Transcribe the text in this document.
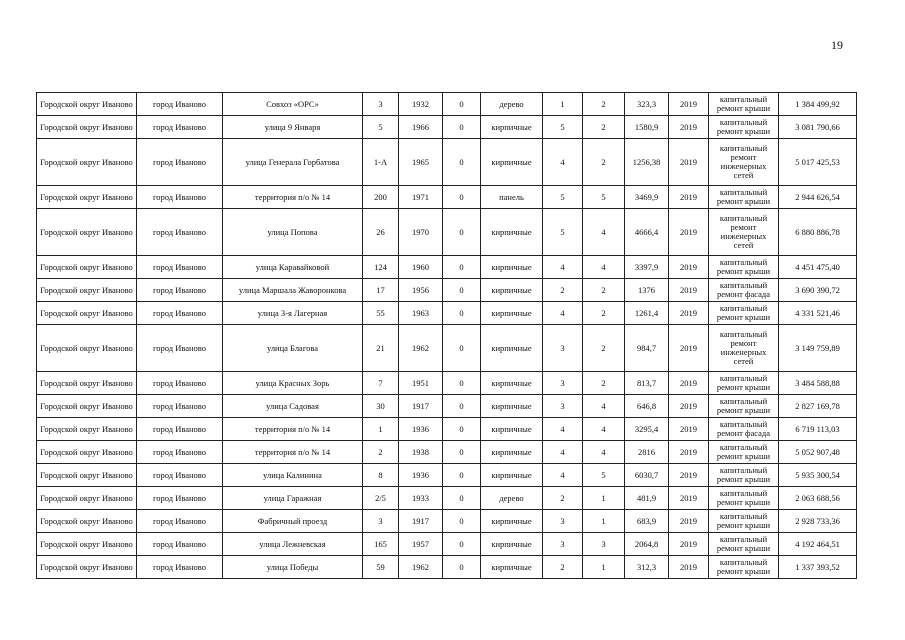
19
Городской округ Иваново	город Иваново	Совхоз «ОРС»	3	1932	0	дерево	1	2	323,3	2019	капитальный ремонт крыши	1 384 499,92
Городской округ Иваново	город Иваново	улица 9 Января	5	1966	0	кирпичные	5	2	1580,9	2019	капитальный ремонт крыши	3 081 790,66
Городской округ Иваново	город Иваново	улица Генерала Горбатова	1-А	1965	0	кирпичные	4	2	1256,38	2019	капитальный ремонт инженерных сетей	5 017 425,53
Городской округ Иваново	город Иваново	территория п/о № 14	200	1971	0	панель	5	5	3469,9	2019	капитальный ремонт крыши	2 944 626,54
Городской округ Иваново	город Иваново	улица Попова	26	1970	0	кирпичные	5	4	4666,4	2019	капитальный ремонт инженерных сетей	6 880 886,78
Городской округ Иваново	город Иваново	улица Каравайковой	124	1960	0	кирпичные	4	4	3397,9	2019	капитальный ремонт крыши	4 451 475,40
Городской округ Иваново	город Иваново	улица Маршала Жаворонкова	17	1956	0	кирпичные	2	2	1376	2019	капитальный ремонт фасада	3 690 390,72
Городской округ Иваново	город Иваново	улица 3-я Лагерная	55	1963	0	кирпичные	4	2	1261,4	2019	капитальный ремонт крыши	4 331 521,46
Городской округ Иваново	город Иваново	улица Благова	21	1962	0	кирпичные	3	2	984,7	2019	капитальный ремонт инженерных сетей	3 149 759,89
Городской округ Иваново	город Иваново	улица Красных Зорь	7	1951	0	кирпичные	3	2	813,7	2019	капитальный ремонт крыши	3 484 588,88
Городской округ Иваново	город Иваново	улица Садовая	30	1917	0	кирпичные	3	4	646,8	2019	капитальный ремонт крыши	2 827 169,78
Городской округ Иваново	город Иваново	территория п/о № 14	1	1936	0	кирпичные	4	4	3295,4	2019	капитальный ремонт фасада	6 719 113,03
Городской округ Иваново	город Иваново	территория п/о № 14	2	1938	0	кирпичные	4	4	2816	2019	капитальный ремонт крыши	5 052 907,48
Городской округ Иваново	город Иваново	улица Калинина	8	1936	0	кирпичные	4	5	6030,7	2019	капитальный ремонт крыши	5 935 300,54
Городской округ Иваново	город Иваново	улица Гаражная	2/5	1933	0	дерево	2	1	481,9	2019	капитальный ремонт крыши	2 063 688,56
Городской округ Иваново	город Иваново	Фабричный проезд	3	1917	0	кирпичные	3	1	683,9	2019	капитальный ремонт крыши	2 928 733,36
Городской округ Иваново	город Иваново	улица Лежневская	165	1957	0	кирпичные	3	3	2064,8	2019	капитальный ремонт крыши	4 192 464,51
Городской округ Иваново	город Иваново	улица Победы	59	1962	0	кирпичные	2	1	312,3	2019	капитальный ремонт крыши	1 337 393,52
